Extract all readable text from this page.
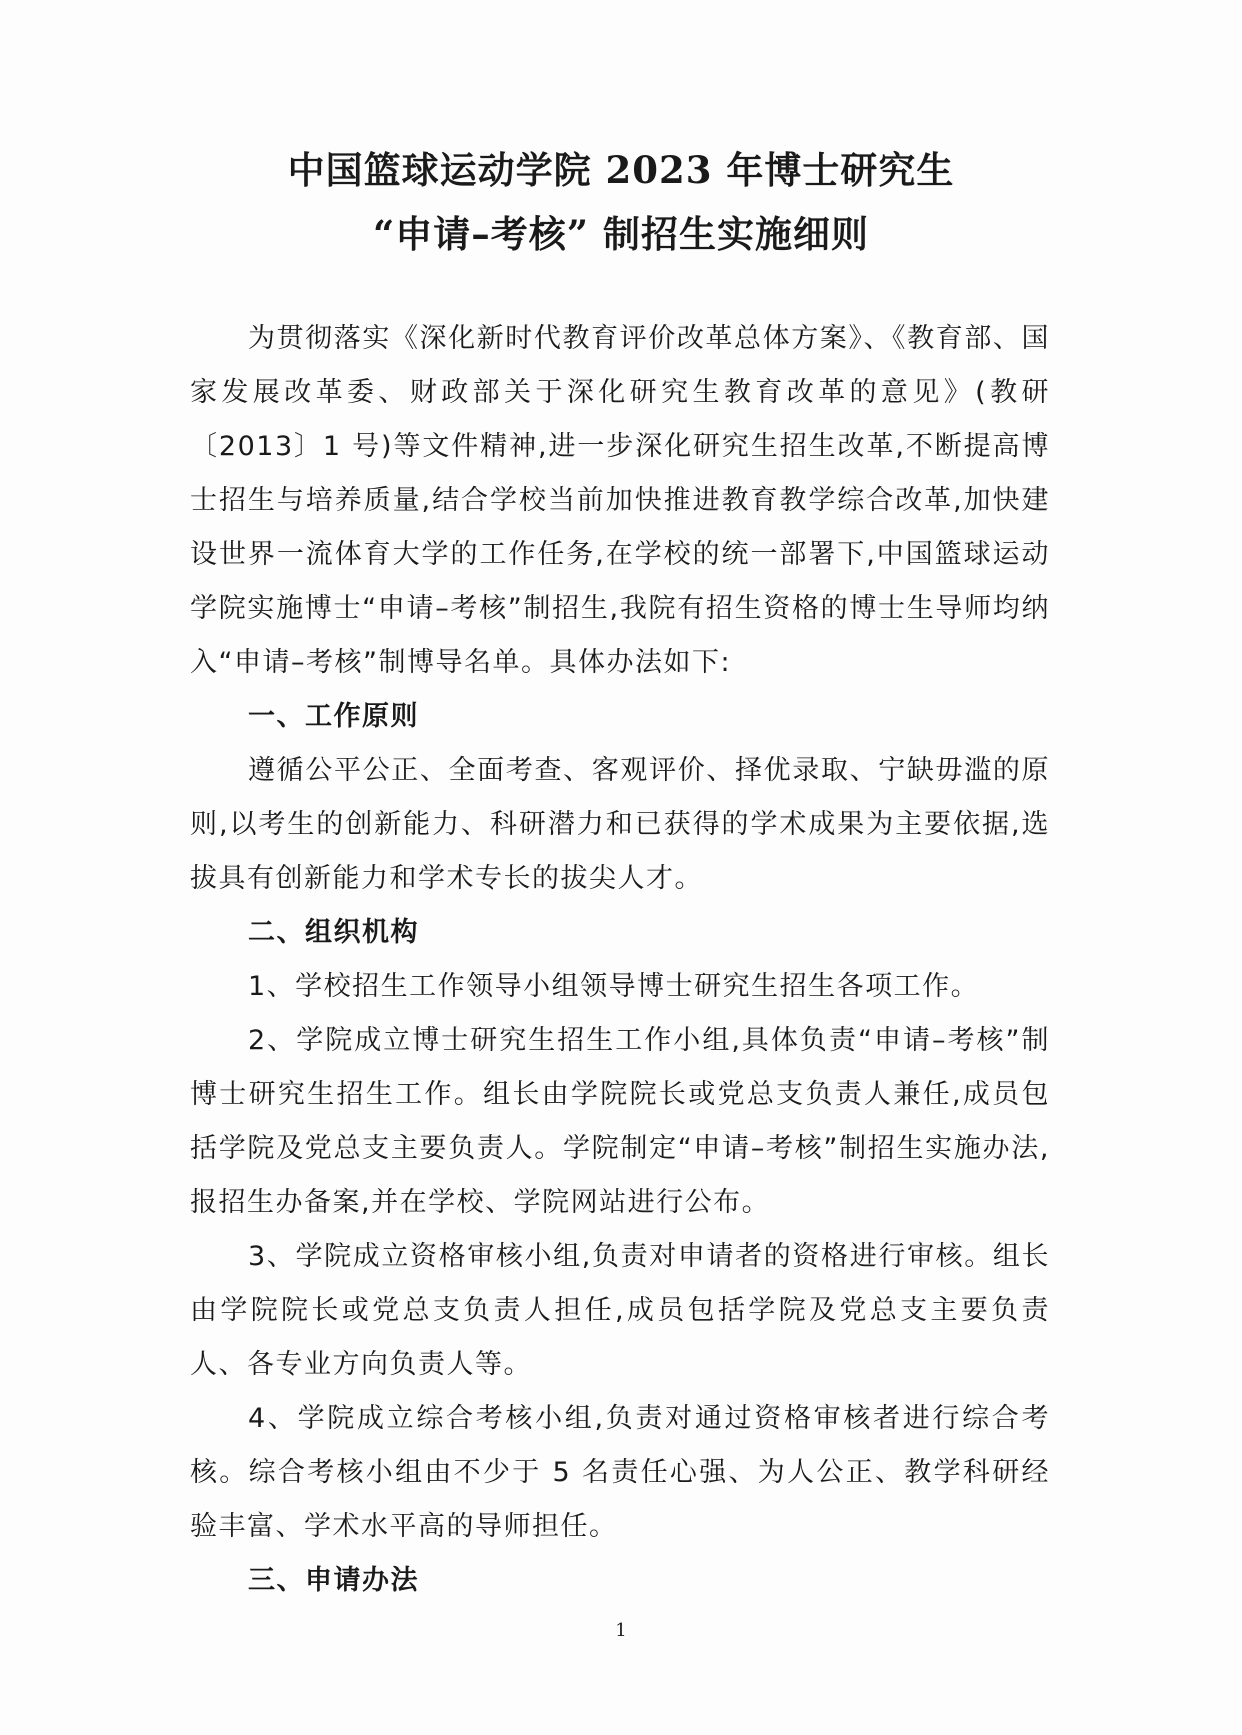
中国篮球运动学院 2023 年博士研究生
“申请–考核” 制招生实施细则

为贯彻落实《深化新时代教育评价改革总体方案》、《教育部、国家发展改革委、财政部关于深化研究生教育改革的意见》(教研〔2013〕1 号)等文件精神,进一步深化研究生招生改革,不断提高博士招生与培养质量,结合学校当前加快推进教育教学综合改革,加快建设世界一流体育大学的工作任务,在学校的统一部署下,中国篮球运动学院实施博士“申请–考核”制招生,我院有招生资格的博士生导师均纳入“申请–考核”制博导名单。具体办法如下:

一、工作原则

遵循公平公正、全面考查、客观评价、择优录取、宁缺毋滥的原则,以考生的创新能力、科研潜力和已获得的学术成果为主要依据,选拔具有创新能力和学术专长的拔尖人才。

二、组织机构

1、学校招生工作领导小组领导博士研究生招生各项工作。

2、学院成立博士研究生招生工作小组,具体负责“申请–考核”制博士研究生招生工作。组长由学院院长或党总支负责人兼任,成员包括学院及党总支主要负责人。学院制定“申请–考核”制招生实施办法,报招生办备案,并在学校、学院网站进行公布。

3、学院成立资格审核小组,负责对申请者的资格进行审核。组长由学院院长或党总支负责人担任,成员包括学院及党总支主要负责人、各专业方向负责人等。

4、学院成立综合考核小组,负责对通过资格审核者进行综合考核。综合考核小组由不少于 5 名责任心强、为人公正、教学科研经验丰富、学术水平高的导师担任。

三、申请办法

1
